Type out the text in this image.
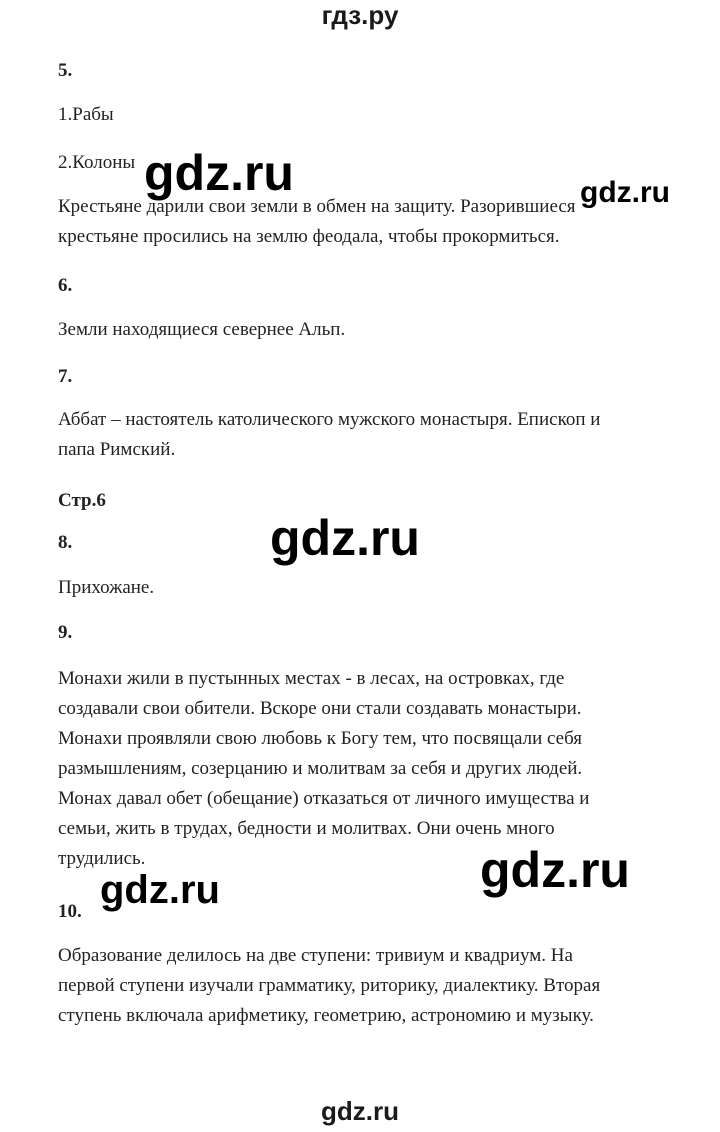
гдз.ру
5.
1.Рабы
2.Колоны
Крестьяне дарили свои земли в обмен на защиту. Разорившиеся
крестьяне просились на землю феодала, чтобы прокормиться.
6.
Земли находящиеся севернее Альп.
7.
Аббат – настоятель католического мужского монастыря. Епископ и
папа Римский.
Стр.6
8.
Прихожане.
9.
Монахи жили в пустынных местах - в лесах, на островках, где
создавали свои обители. Вскоре они стали создавать монастыри.
Монахи проявляли свою любовь к Богу тем, что посвящали себя
размышлениям, созерцанию и молитвам за себя и других людей.
Монах давал обет (обещание) отказаться от личного имущества и
семьи, жить в трудах, бедности и молитвах. Они очень много
трудились.
10.
Образование делилось на две ступени: тривиум и квадриум. На
первой ступени изучали грамматику, риторику, диалектику. Вторая
ступень включала арифметику, геометрию, астрономию и музыку.
gdz.ru	gdz.ru
gdz.ru
gdz.ru
gdz.ru
gdz.ru
